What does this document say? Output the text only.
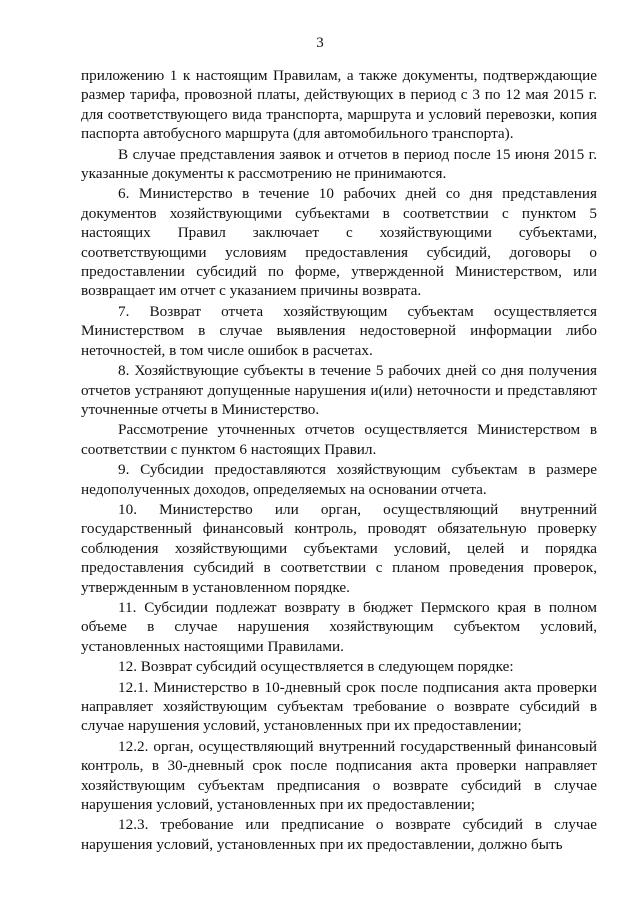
3

приложению 1 к настоящим Правилам, а также документы, подтверждающие размер тарифа, провозной платы, действующих в период с 3 по 12 мая 2015 г. для соответствующего вида транспорта, маршрута и условий перевозки, копия паспорта автобусного маршрута (для автомобильного транспорта).

В случае представления заявок и отчетов в период после 15 июня 2015 г. указанные документы к рассмотрению не принимаются.

6. Министерство в течение 10 рабочих дней со дня представления документов хозяйствующими субъектами в соответствии с пунктом 5 настоящих Правил заключает с хозяйствующими субъектами, соответствующими условиям предоставления субсидий, договоры о предоставлении субсидий по форме, утвержденной Министерством, или возвращает им отчет с указанием причины возврата.

7. Возврат отчета хозяйствующим субъектам осуществляется Министерством в случае выявления недостоверной информации либо неточностей, в том числе ошибок в расчетах.

8. Хозяйствующие субъекты в течение 5 рабочих дней со дня получения отчетов устраняют допущенные нарушения и(или) неточности и представляют уточненные отчеты в Министерство.

Рассмотрение уточненных отчетов осуществляется Министерством в соответствии с пунктом 6 настоящих Правил.

9. Субсидии предоставляются хозяйствующим субъектам в размере недополученных доходов, определяемых на основании отчета.

10. Министерство или орган, осуществляющий внутренний государственный финансовый контроль, проводят обязательную проверку соблюдения хозяйствующими субъектами условий, целей и порядка предоставления субсидий в соответствии с планом проведения проверок, утвержденным в установленном порядке.

11. Субсидии подлежат возврату в бюджет Пермского края в полном объеме в случае нарушения хозяйствующим субъектом условий, установленных настоящими Правилами.

12. Возврат субсидий осуществляется в следующем порядке:

12.1. Министерство в 10-дневный срок после подписания акта проверки направляет хозяйствующим субъектам требование о возврате субсидий в случае нарушения условий, установленных при их предоставлении;

12.2. орган, осуществляющий внутренний государственный финансовый контроль, в 30-дневный срок после подписания акта проверки направляет хозяйствующим субъектам предписания о возврате субсидий в случае нарушения условий, установленных при их предоставлении;

12.3. требование или предписание о возврате субсидий в случае нарушения условий, установленных при их предоставлении, должно быть
